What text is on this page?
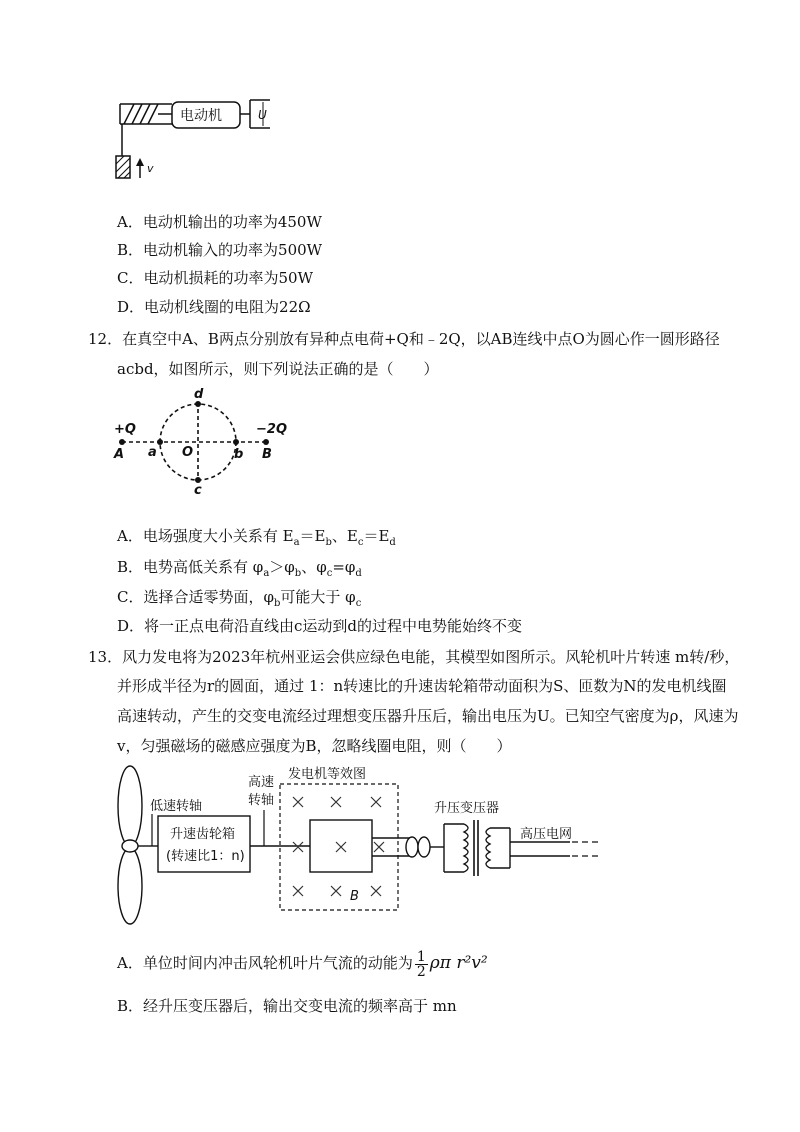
电动机	U
v
A．电动机输出的功率为450W
B．电动机输入的功率为500W
C．电动机损耗的功率为50W
D．电动机线圈的电阻为22Ω
12．在真空中A、B两点分别放有异种点电荷+Q和﹣2Q，以AB连线中点O为圆心作一圆形路径
acbd，如图所示，则下列说法正确的是（　　）
+Q	−2Q
A	B
O
a	b
c
d
A．电场强度大小关系有 $E_a=E_b$、$E_c=E_d$
B．电势高低关系有 $\varphi_a>\varphi_b$、$\varphi_c=\varphi_d$
C．选择合适零势面，$\varphi_b$可能大于 $\varphi_c$
D．将一正点电荷沿直线由c运动到d的过程中电势能始终不变
13．风力发电将为2023年杭州亚运会供应绿色电能，其模型如图所示。风轮机叶片转速 m转/秒，
并形成半径为r的圆面，通过 1：n转速比的升速齿轮箱带动面积为S、匝数为N的发电机线圈
高速转动，产生的交变电流经过理想变压器升压后，输出电压为U。已知空气密度为ρ，风速为
v，匀强磁场的磁感应强度为B，忽略线圈电阻，则（　　）
低速转轴
升速齿轮箱
(转速比1：n)
高速
转轴
发电机等效图
B
升压变压器
高压电网
A．单位时间内冲击风轮机叶片气流的动能为 $\frac{1}{2}$ ρπ r²v²
B．经升压变压器后，输出交变电流的频率高于 mn
